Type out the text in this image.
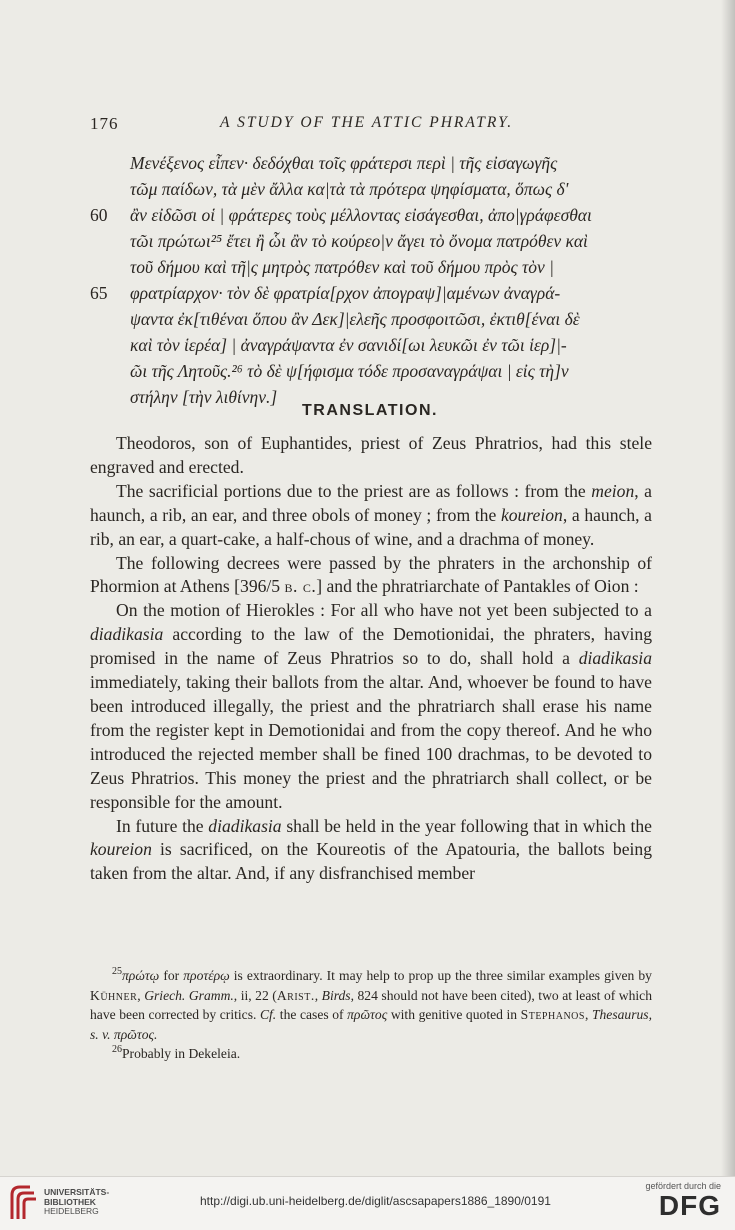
176	A STUDY OF THE ATTIC PHRATRY.
Μενέξενος εἶπεν· δεδόχθαι τοῖς φράτερσι περὶ | τῆς εἰσαγωγῆς
τῶμ παίδων, τὰ μὲν ἄλλα κα|τὰ τὰ πρότερα ψηφίσματα, ὅπως δ'
60	ἂν εἰδῶσι οἱ | φράτερες τοὺς μέλλοντας εἰσάγεσθαι, ἀπο|γράφεσθαι
τῶι πρώτωι²⁵ ἔτει ἢ ὧι ἂν τὸ κούρεο|ν ἄγει τὸ ὄνομα πατρόθεν καὶ
τοῦ δήμου καὶ τῆ|ς μητρὸς πατρόθεν καὶ τοῦ δήμου πρὸς τὸν |
65	φρατρίαρχον· τὸν δὲ φρατρία[ρχον ἀπογραψ]|αμένων ἀναγρά-
ψαντα ἐκ[τιθέναι ὅπου ἂν Δεκ]|ελεῆς προσφοιτῶσι, ἐκτιθ[έναι δὲ
καὶ τὸν ἱερέα] | ἀναγράψαντα ἐν σανιδί[ωι λευκῶι ἐν τῶι ἱερ]|-
ῶι τῆς Λητοῦς.²⁶ τὸ δὲ ψ[ήφισμα τόδε προσαναγράψαι | εἰς τὴ]ν
στήλην [τὴν λιθίνην.]
TRANSLATION.

Theodoros, son of Euphantides, priest of Zeus Phratrios, had this stele engraved and erected.

The sacrificial portions due to the priest are as follows : from the meion, a haunch, a rib, an ear, and three obols of money ; from the koureion, a haunch, a rib, an ear, a quart-cake, a half-chous of wine, and a drachma of money.

The following decrees were passed by the phraters in the archonship of Phormion at Athens [396/5 b. c.] and the phratriarchate of Pantakles of Oion :

On the motion of Hierokles : For all who have not yet been subjected to a diadikasia according to the law of the Demotionidai, the phraters, having promised in the name of Zeus Phratrios so to do, shall hold a diadikasia immediately, taking their ballots from the altar. And, whoever be found to have been introduced illegally, the priest and the phratriarch shall erase his name from the register kept in Demotionidai and from the copy thereof. And he who introduced the rejected member shall be fined 100 drachmas, to be devoted to Zeus Phratrios. This money the priest and the phratriarch shall collect, or be responsible for the amount.

In future the diadikasia shall be held in the year following that in which the koureion is sacrificed, on the Koureotis of the Apatouria, the ballots being taken from the altar. And, if any disfranchised member

$^{25}$πρώτῳ for προτέρῳ is extraordinary. It may help to prop up the three similar examples given by Kühner, Griech. Gramm., ii, 22 (Arist., Birds, 824 should not have been cited), two at least of which have been corrected by critics. Cf. the cases of πρῶτος with genitive quoted in Stephanos, Thesaurus, s. v. πρῶτος.

$^{26}$Probably in Dekeleia.

UNIVERSITÄTS-
BIBLIOTHEK
HEIDELBERG
http://digi.ub.uni-heidelberg.de/diglit/ascsapapers1886_1890/0191
gefördert durch die
DFG
